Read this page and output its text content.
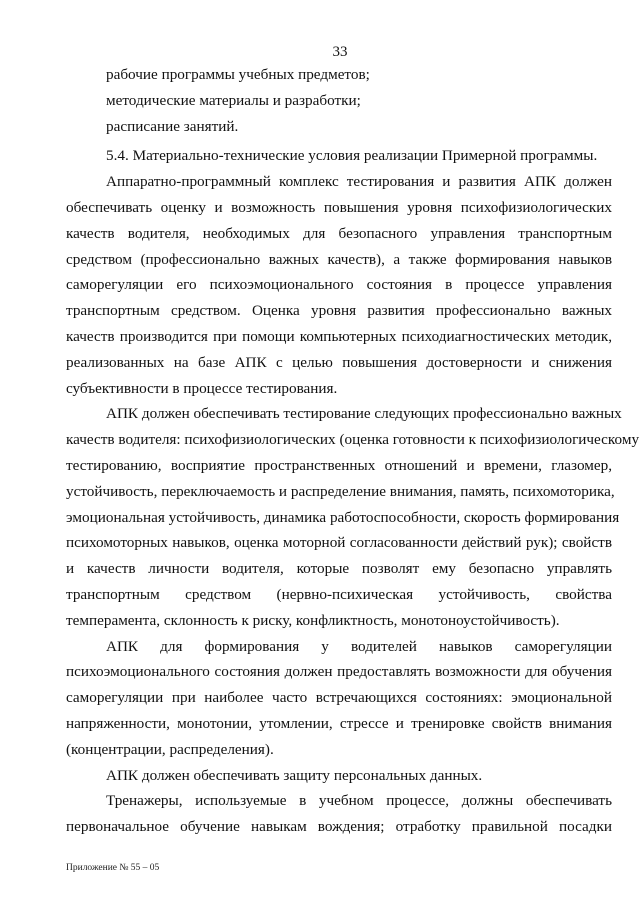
33
рабочие программы учебных предметов;
методические материалы и разработки;
расписание занятий.
5.4. Материально-технические условия реализации Примерной программы.
Аппаратно-программный комплекс тестирования и развития АПК должен
обеспечивать оценку и возможность повышения уровня психофизиологических
качеств водителя, необходимых для безопасного управления транспортным
средством (профессионально важных качеств), а также формирования навыков
саморегуляции его психоэмоционального состояния в процессе управления
транспортным средством. Оценка уровня развития профессионально важных
качеств производится при помощи компьютерных психодиагностических методик,
реализованных на базе АПК с целью повышения достоверности и снижения
субъективности в процессе тестирования.
АПК должен обеспечивать тестирование следующих профессионально важных
качеств водителя: психофизиологических (оценка готовности к психофизиологическому
тестированию, восприятие пространственных отношений и времени, глазомер,
устойчивость, переключаемость и распределение внимания, память, психомоторика,
эмоциональная устойчивость, динамика работоспособности, скорость формирования
психомоторных навыков, оценка моторной согласованности действий рук); свойств
и качеств личности водителя, которые позволят ему безопасно управлять
транспортным средством (нервно-психическая устойчивость, свойства
темперамента, склонность к риску, конфликтность, монотоноустойчивость).
АПК для формирования у водителей навыков саморегуляции
психоэмоционального состояния должен предоставлять возможности для обучения
саморегуляции при наиболее часто встречающихся состояниях: эмоциональной
напряженности, монотонии, утомлении, стрессе и тренировке свойств внимания
(концентрации, распределения).
АПК должен обеспечивать защиту персональных данных.
Тренажеры, используемые в учебном процессе, должны обеспечивать
первоначальное обучение навыкам вождения; отработку правильной посадки
Приложение № 55 – 05
